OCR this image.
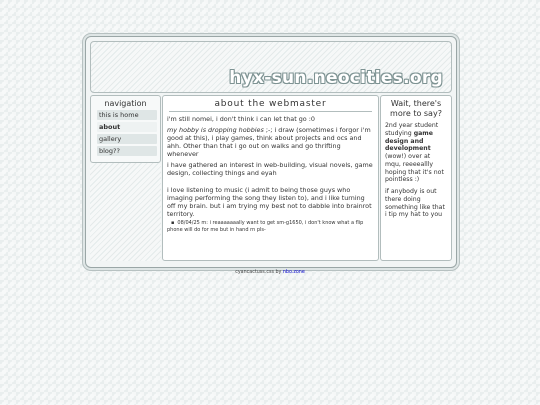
hyx-sun.neocities.org
navigation
this is home
about
gallery
blog??
about the webmaster

i'm still nomei, i don't think i can let that go :0

my hobby is dropping hobbies ;-; i draw (sometimes i forgor i'm good at this), i play games, think about projects and ocs and ahh. Other than that i go out on walks and go thrifting whenever

i have gathered an interest in web-building, visual novels, game design, collecting things and eyah

i love listening to music (i admit to being those guys who imaging performing the song they listen to), and i like turning off my brain. but i am trying my best not to dabble into brainrot territory.

▪ 08/04/25 m: i reaaaaaaally want to get sm-g1650, i don't know what a flip phone will do for me but in hand rn pls-
Wait, there's more to say?

2nd year student studying game design and development (wow!) over at mqu, reeeeallly hoping that it's not pointless :)

if anybody is out there doing something like that i tip my hat to you

cyancactuss.css by nbo.zone
